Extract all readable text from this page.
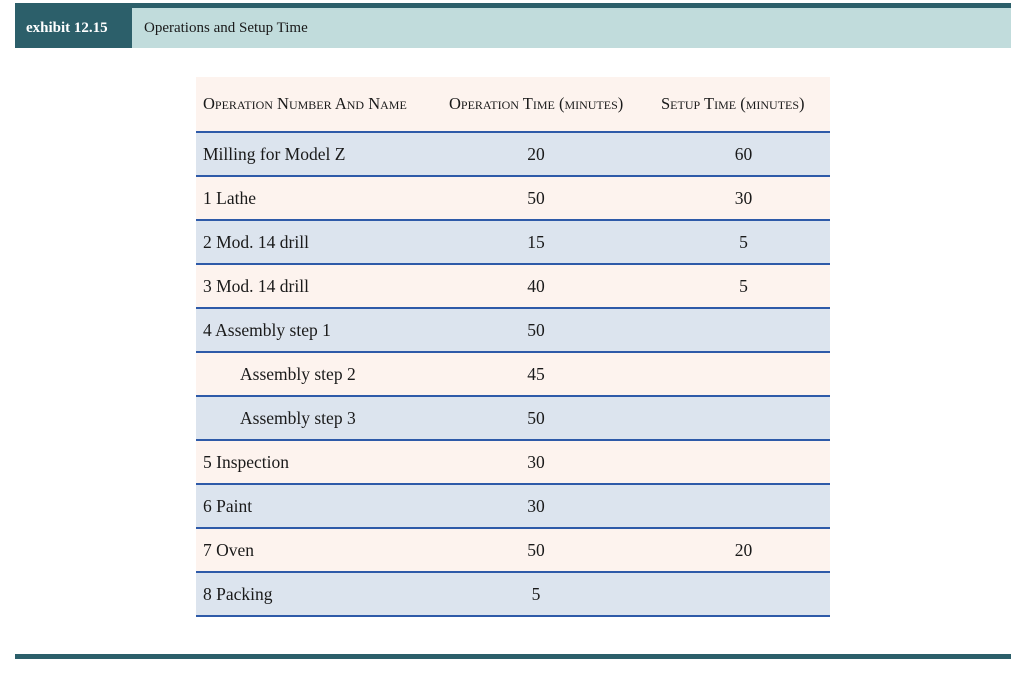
exhibit 12.15	Operations and Setup Time
Operation Number And Name	Operation Time (minutes)	Setup Time (minutes)
Milling for Model Z	20	60
1 Lathe	50	30
2 Mod. 14 drill	15	5
3 Mod. 14 drill	40	5
4 Assembly step 1	50	
Assembly step 2	45	
Assembly step 3	50	
5 Inspection	30	
6 Paint	30	
7 Oven	50	20
8 Packing	5	
